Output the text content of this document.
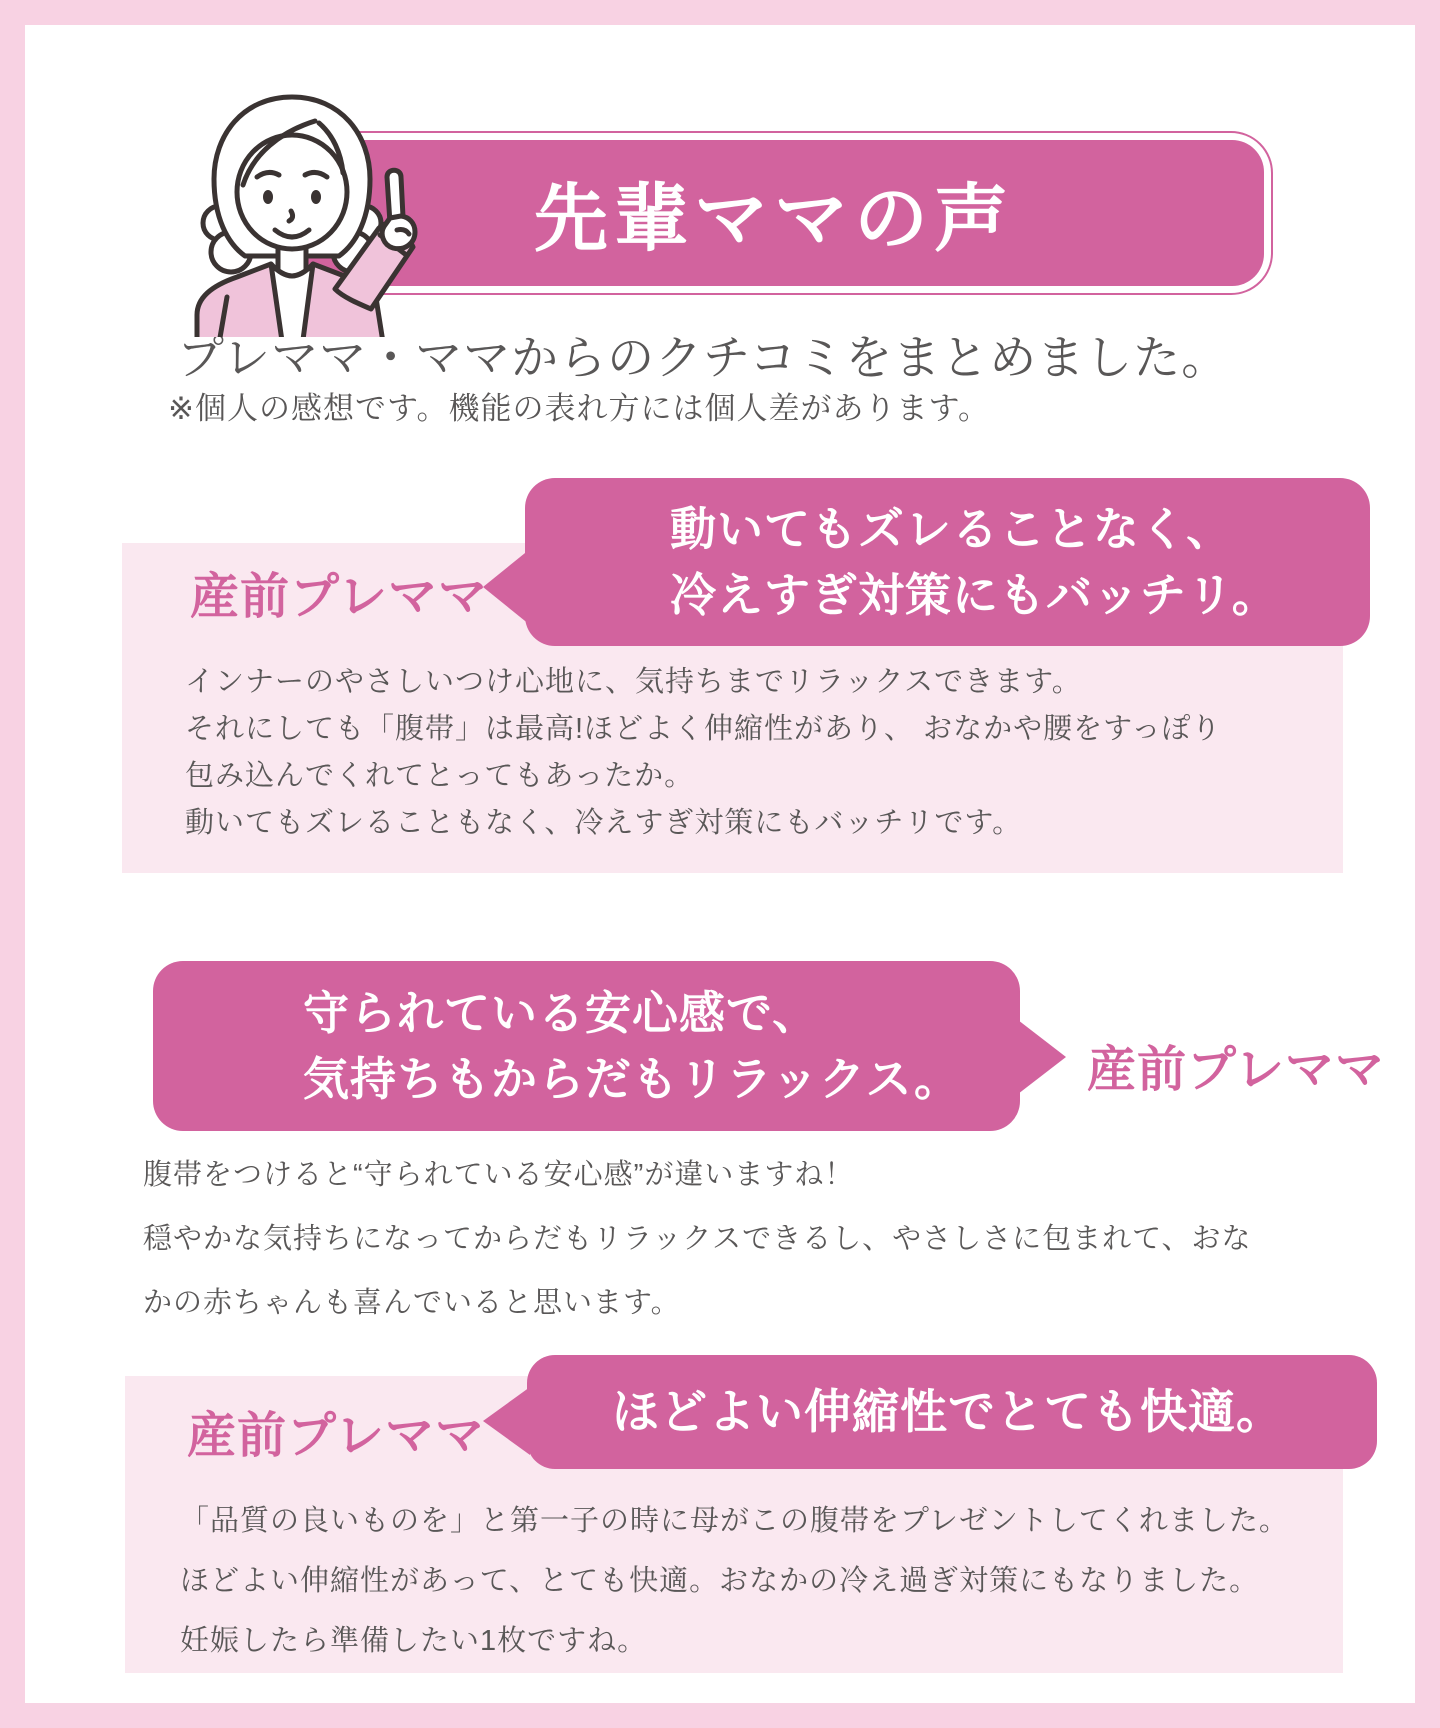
先輩ママの声
プレママ・ママからのクチコミをまとめました。
※個人の感想です。機能の表れ方には個人差があります。
産前プレママ
動いてもズレることなく、
冷えすぎ対策にもバッチリ。
インナーのやさしいつけ心地に、気持ちまでリラックスできます。
それにしても「腹帯」は最高!ほどよく伸縮性があり、 おなかや腰をすっぽり
包み込んでくれてとってもあったか。
動いてもズレることもなく、冷えすぎ対策にもバッチリです。
守られている安心感で、
気持ちもからだもリラックス。	産前プレママ
腹帯をつけると“守られている安心感”が違いますね！
穏やかな気持ちになってからだもリラックスできるし、やさしさに包まれて、おな
かの赤ちゃんも喜んでいると思います。
産前プレママ	ほどよい伸縮性でとても快適。
「品質の良いものを」と第一子の時に母がこの腹帯をプレゼントしてくれました。
ほどよい伸縮性があって、とても快適。おなかの冷え過ぎ対策にもなりました。
妊娠したら準備したい1枚ですね。
